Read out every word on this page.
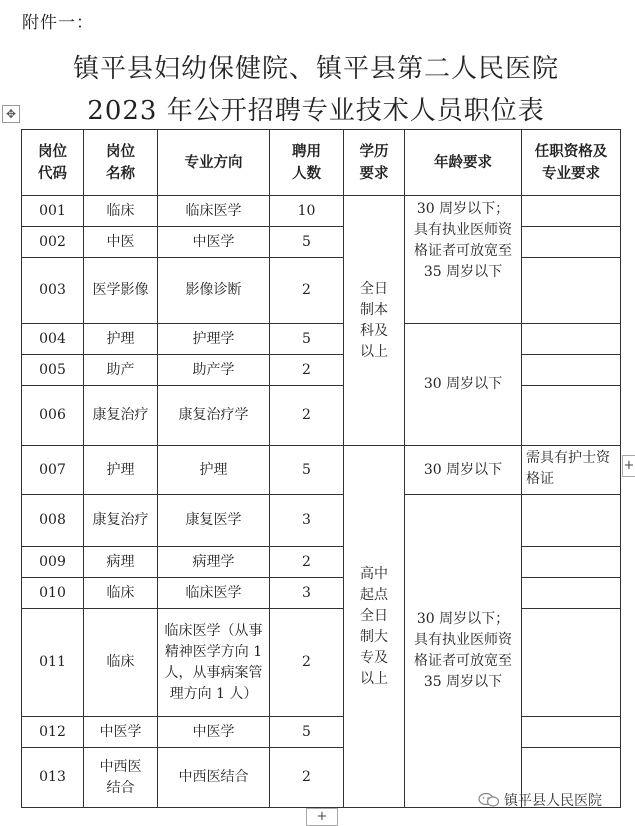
附件一：
镇平县妇幼保健院、镇平县第二人民医院
2023 年公开招聘专业技术人员职位表
✥
岗位代码	岗位名称	专业方向	聘用人数	学历要求	年龄要求	任职资格及专业要求

001	临床	临床医学	10	全日制本科及以上	30 周岁以下；具有执业医师资格证者可放宽至 35 周岁以下	

002	中医	中医学	5			
003	医学影像	影像诊断	2			
004	护理	护理学	5		30 周岁以下	
005	助产	助产学	2			
006	康复治疗	康复治疗学	2			
007	护理	护理	5	高中起点全日制大专及以上	30 周岁以下	需具有护士资格证

008	康复治疗	康复医学	3		30 周岁以下；具有执业医师资格证者可放宽至 35 周岁以下	

009	病理	病理学	2			
010	临床	临床医学	3			
011	临床	临床医学（从事精神医学方向 1 人，从事病案管理方向 1 人）	2			
012	中医学	中医学	5			
013	中西医结合	中西医结合	2			
+
+
镇平县人民医院
